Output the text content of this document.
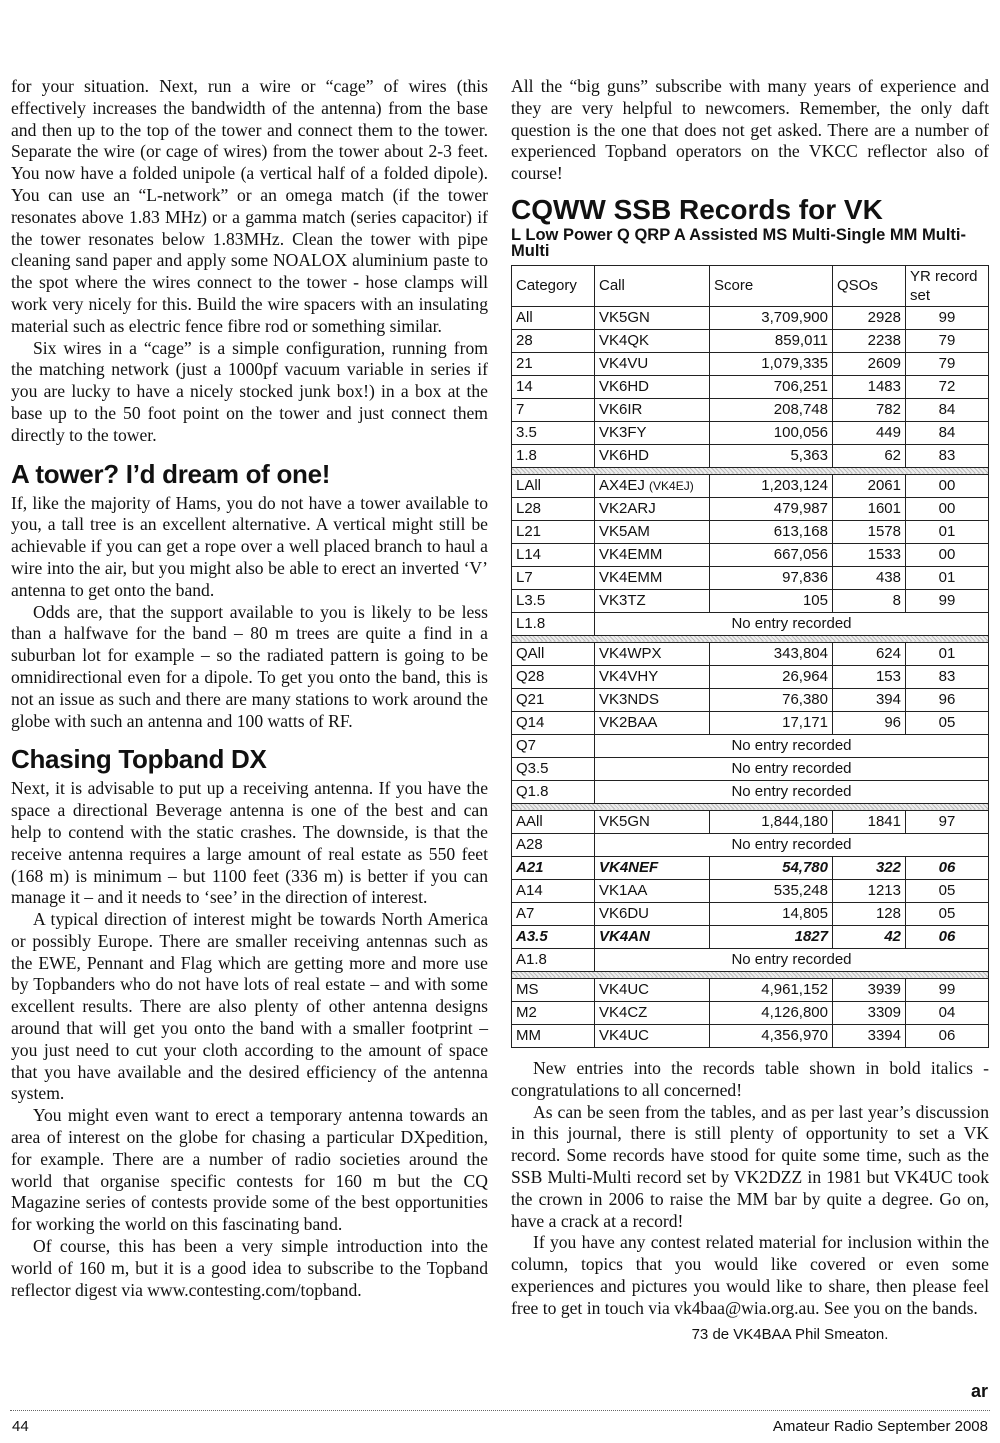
for your situation. Next, run a wire or “cage” of wires (this effectively increases the bandwidth of the antenna) from the base and then up to the top of the tower and connect them to the tower. Separate the wire (or cage of wires) from the tower about 2-3 feet. You now have a folded unipole (a vertical half of a folded dipole). You can use an “L-network” or an omega match (if the tower resonates above 1.83 MHz) or a gamma match (series capacitor) if the tower resonates below 1.83MHz. Clean the tower with pipe cleaning sand paper and apply some NOALOX aluminium paste to the spot where the wires connect to the tower - hose clamps will work very nicely for this. Build the wire spacers with an insulating material such as electric fence fibre rod or something similar.

Six wires in a “cage” is a simple configuration, running from the matching network (just a 1000pf vacuum variable in series if you are lucky to have a nicely stocked junk box!) in a box at the base up to the 50 foot point on the tower and just connect them directly to the tower.

A tower? I’d dream of one!

If, like the majority of Hams, you do not have a tower available to you, a tall tree is an excellent alternative. A vertical might still be achievable if you can get a rope over a well placed branch to haul a wire into the air, but you might also be able to erect an inverted ‘V’ antenna to get onto the band.

Odds are, that the support available to you is likely to be less than a halfwave for the band – 80 m trees are quite a find in a suburban lot for example – so the radiated pattern is going to be omnidirectional even for a dipole. To get you onto the band, this is not an issue as such and there are many stations to work around the globe with such an antenna and 100 watts of RF.

Chasing Topband DX

Next, it is advisable to put up a receiving antenna. If you have the space a directional Beverage antenna is one of the best and can help to contend with the static crashes. The downside, is that the receive antenna requires a large amount of real estate as 550 feet (168 m) is minimum – but 1100 feet (336 m) is better if you can manage it – and it needs to ‘see’ in the direction of interest.

A typical direction of interest might be towards North America or possibly Europe. There are smaller receiving antennas such as the EWE, Pennant and Flag which are getting more and more use by Topbanders who do not have lots of real estate – and with some excellent results. There are also plenty of other antenna designs around that will get you onto the band with a smaller footprint – you just need to cut your cloth according to the amount of space that you have available and the desired efficiency of the antenna system.

You might even want to erect a temporary antenna towards an area of interest on the globe for chasing a particular DXpedition, for example. There are a number of radio societies around the world that organise specific contests for 160 m but the CQ Magazine series of contests provide some of the best opportunities for working the world on this fascinating band.

Of course, this has been a very simple introduction into the world of 160 m, but it is a good idea to subscribe to the Topband reflector digest via www.contesting.com/topband.

All the “big guns” subscribe with many years of experience and they are very helpful to newcomers. Remember, the only daft question is the one that does not get asked. There are a number of experienced Topband operators on the VKCC reflector also of course!

CQWW SSB Records for VK
L Low Power Q QRP A Assisted MS Multi-Single MM Multi-Multi
Category	Call	Score	QSOs	YR record set
All	VK5GN	3,709,900	2928	99
28	VK4QK	859,011	2238	79
21	VK4VU	1,079,335	2609	79
14	VK6HD	706,251	1483	72
7	VK6IR	208,748	782	84
3.5	VK3FY	100,056	449	84
1.8	VK6HD	5,363	62	83

LAll	AX4EJ (VK4EJ)	1,203,124	2061	00
L28	VK2ARJ	479,987	1601	00
L21	VK5AM	613,168	1578	01
L14	VK4EMM	667,056	1533	00
L7	VK4EMM	97,836	438	01
L3.5	VK3TZ	105	8	99
L1.8	No entry recorded			

QAll	VK4WPX	343,804	624	01
Q28	VK4VHY	26,964	153	83
Q21	VK3NDS	76,380	394	96
Q14	VK2BAA	17,171	96	05
Q7	No entry recorded			
Q3.5	No entry recorded			
Q1.8	No entry recorded			

AAll	VK5GN	1,844,180	1841	97
A28	No entry recorded			
A21	VK4NEF	54,780	322	06
A14	VK1AA	535,248	1213	05
A7	VK6DU	14,805	128	05
A3.5	VK4AN	1827	42	06
A1.8	No entry recorded			

MS	VK4UC	4,961,152	3939	99
M2	VK4CZ	4,126,800	3309	04
MM	VK4UC	4,356,970	3394	06

New entries into the records table shown in bold italics - congratulations to all concerned!

As can be seen from the tables, and as per last year’s discussion in this journal, there is still plenty of opportunity to set a VK record. Some records have stood for quite some time, such as the SSB Multi-Multi record set by VK2DZZ in 1981 but VK4UC took the crown in 2006 to raise the MM bar by quite a degree. Go on, have a crack at a record!

If you have any contest related material for inclusion within the column, topics that you would like covered or even some experiences and pictures you would like to share, then please feel free to get in touch via vk4baa@wia.org.au. See you on the bands.

73 de VK4BAA Phil Smeaton.
ar
44	Amateur Radio September 2008
